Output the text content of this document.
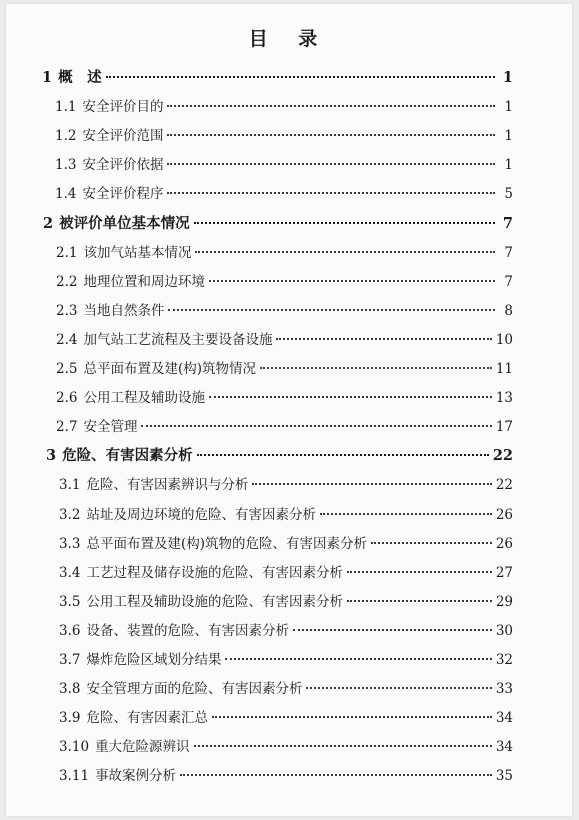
目 录
1 概　述	1
1.1 安全评价目的	1
1.2 安全评价范围	1
1.3 安全评价依据	1
1.4 安全评价程序	5
2 被评价单位基本情况	7
2.1 该加气站基本情况	7
2.2 地理位置和周边环境	7
2.3 当地自然条件	8
2.4 加气站工艺流程及主要设备设施	10
2.5 总平面布置及建(构)筑物情况	11
2.6 公用工程及辅助设施	13
2.7 安全管理	17
3 危险、有害因素分析	22
3.1 危险、有害因素辨识与分析	22
3.2 站址及周边环境的危险、有害因素分析	26
3.3 总平面布置及建(构)筑物的危险、有害因素分析	26
3.4 工艺过程及储存设施的危险、有害因素分析	27
3.5 公用工程及辅助设施的危险、有害因素分析	29
3.6 设备、装置的危险、有害因素分析	30
3.7 爆炸危险区域划分结果	32
3.8 安全管理方面的危险、有害因素分析	33
3.9 危险、有害因素汇总	34
3.10 重大危险源辨识	34
3.11 事故案例分析	35
